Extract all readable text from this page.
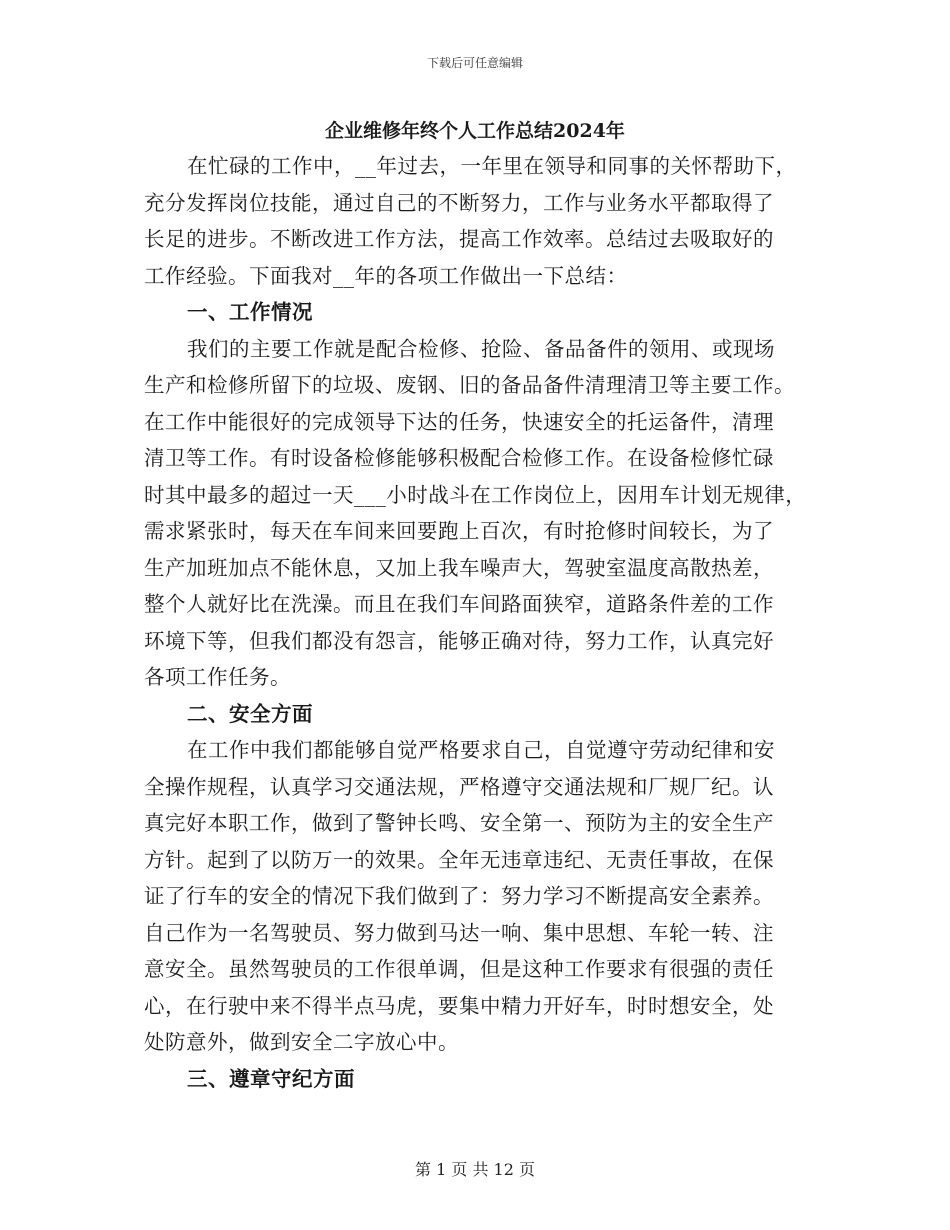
下载后可任意编辑
企业维修年终个人工作总结2024年
在忙碌的工作中，__年过去，一年里在领导和同事的关怀帮助下，
充分发挥岗位技能，通过自己的不断努力，工作与业务水平都取得了
长足的进步。不断改进工作方法，提高工作效率。总结过去吸取好的
工作经验。下面我对__年的各项工作做出一下总结：
一、工作情况
我们的主要工作就是配合检修、抢险、备品备件的领用、或现场
生产和检修所留下的垃圾、废钢、旧的备品备件清理清卫等主要工作。
在工作中能很好的完成领导下达的任务，快速安全的托运备件，清理
清卫等工作。有时设备检修能够积极配合检修工作。在设备检修忙碌
时其中最多的超过一天___小时战斗在工作岗位上，因用车计划无规律，
需求紧张时，每天在车间来回要跑上百次，有时抢修时间较长，为了
生产加班加点不能休息，又加上我车噪声大，驾驶室温度高散热差，
整个人就好比在洗澡。而且在我们车间路面狭窄，道路条件差的工作
环境下等，但我们都没有怨言，能够正确对待，努力工作，认真完好
各项工作任务。
二、安全方面
在工作中我们都能够自觉严格要求自己，自觉遵守劳动纪律和安
全操作规程，认真学习交通法规，严格遵守交通法规和厂规厂纪。认
真完好本职工作，做到了警钟长鸣、安全第一、预防为主的安全生产
方针。起到了以防万一的效果。全年无违章违纪、无责任事故，在保
证了行车的安全的情况下我们做到了：努力学习不断提高安全素养。
自己作为一名驾驶员、努力做到马达一响、集中思想、车轮一转、注
意安全。虽然驾驶员的工作很单调，但是这种工作要求有很强的责任
心，在行驶中来不得半点马虎，要集中精力开好车，时时想安全，处
处防意外，做到安全二字放心中。
三、遵章守纪方面
第 1 页 共 12 页
